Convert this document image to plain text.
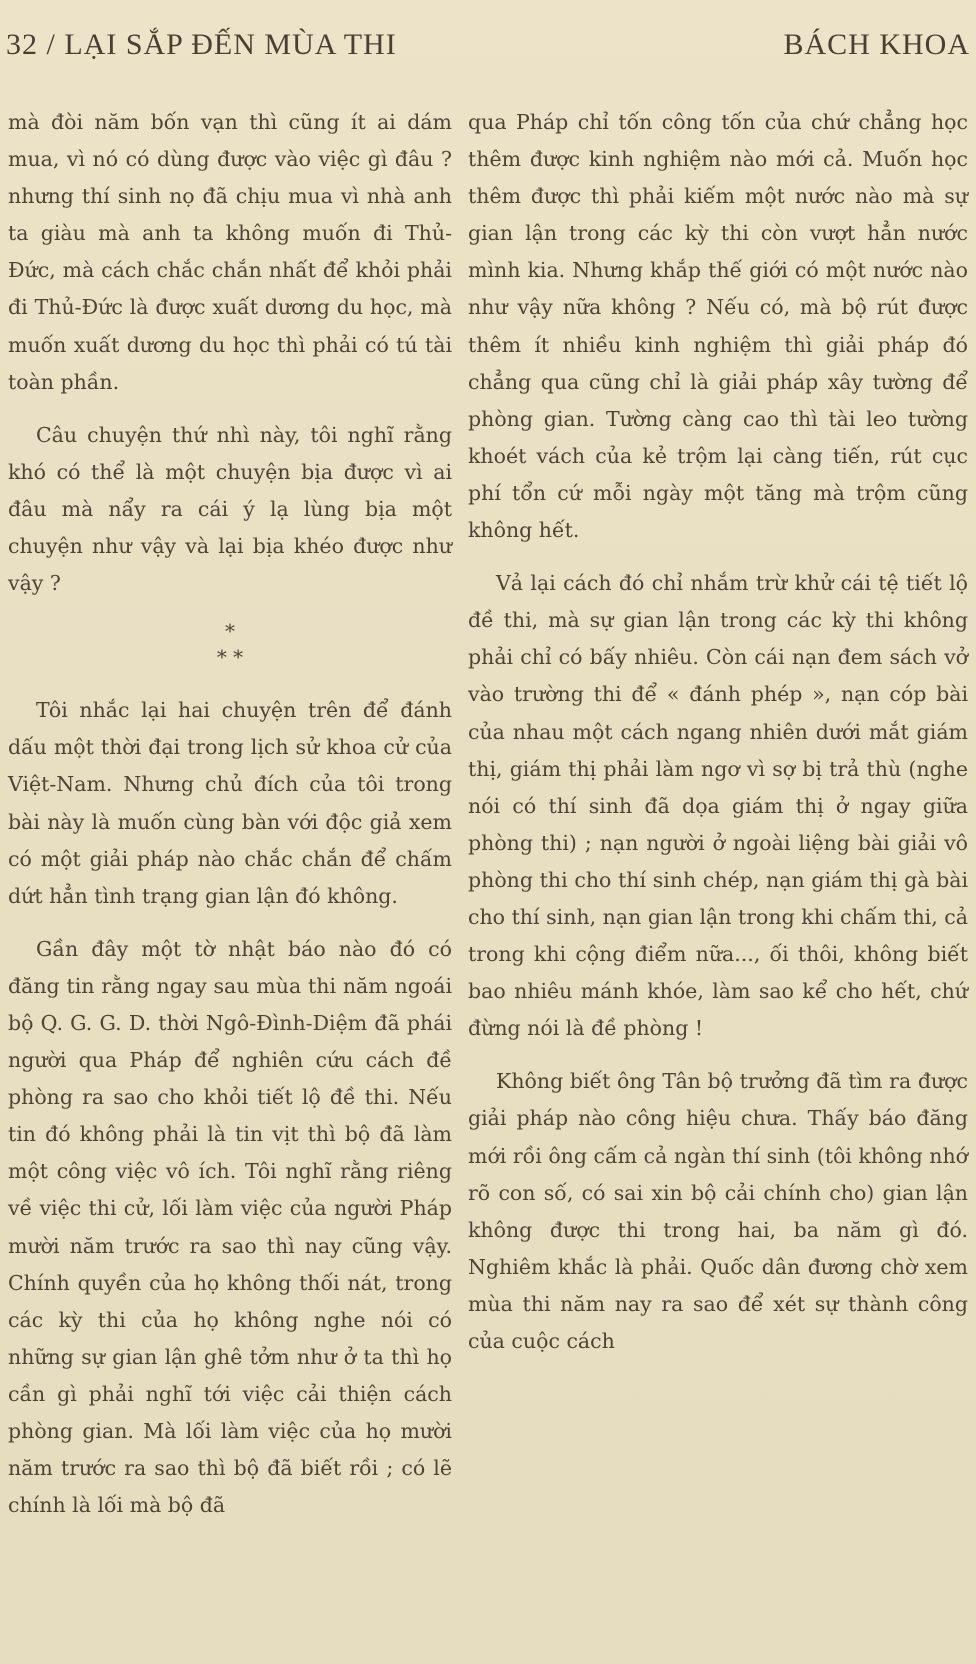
32 / LẠI SẮP ĐẾN MÙA THI	BÁCH KHOA

mà đòi năm bốn vạn thì cũng ít ai dám mua, vì nó có dùng được vào việc gì đâu ? nhưng thí sinh nọ đã chịu mua vì nhà anh ta giàu mà anh ta không muốn đi Thủ-Đức, mà cách chắc chắn nhất để khỏi phải đi Thủ-Đức là được xuất dương du học, mà muốn xuất dương du học thì phải có tú tài toàn phần.

Câu chuyện thứ nhì này, tôi nghĩ rằng khó có thể là một chuyện bịa được vì ai đâu mà nẩy ra cái ý lạ lùng bịa một chuyện như vậy và lại bịa khéo được như vậy ?

*
* *

Tôi nhắc lại hai chuyện trên để đánh dấu một thời đại trong lịch sử khoa cử của Việt-Nam. Nhưng chủ đích của tôi trong bài này là muốn cùng bàn với độc giả xem có một giải pháp nào chắc chắn để chấm dứt hẳn tình trạng gian lận đó không.

Gần đây một tờ nhật báo nào đó có đăng tin rằng ngay sau mùa thi năm ngoái bộ Q. G. G. D. thời Ngô-Đình-Diệm đã phái người qua Pháp để nghiên cứu cách đề phòng ra sao cho khỏi tiết lộ đề thi. Nếu tin đó không phải là tin vịt thì bộ đã làm một công việc vô ích. Tôi nghĩ rằng riêng về việc thi cử, lối làm việc của người Pháp mười năm trước ra sao thì nay cũng vậy. Chính quyền của họ không thối nát, trong các kỳ thi của họ không nghe nói có những sự gian lận ghê tởm như ở ta thì họ cần gì phải nghĩ tới việc cải thiện cách phòng gian. Mà lối làm việc của họ mười năm trước ra sao thì bộ đã biết rồi ; có lẽ chính là lối mà bộ đã

qua Pháp chỉ tốn công tốn của chứ chẳng học thêm được kinh nghiệm nào mới cả. Muốn học thêm được thì phải kiếm một nước nào mà sự gian lận trong các kỳ thi còn vượt hẳn nước mình kia. Nhưng khắp thế giới có một nước nào như vậy nữa không ? Nếu có, mà bộ rút được thêm ít nhiều kinh nghiệm thì giải pháp đó chẳng qua cũng chỉ là giải pháp xây tường để phòng gian. Tường càng cao thì tài leo tường khoét vách của kẻ trộm lại càng tiến, rút cục phí tổn cứ mỗi ngày một tăng mà trộm cũng không hết.

Vả lại cách đó chỉ nhắm trừ khử cái tệ tiết lộ đề thi, mà sự gian lận trong các kỳ thi không phải chỉ có bấy nhiêu. Còn cái nạn đem sách vở vào trường thi để « đánh phép », nạn cóp bài của nhau một cách ngang nhiên dưới mắt giám thị, giám thị phải làm ngơ vì sợ bị trả thù (nghe nói có thí sinh đã dọa giám thị ở ngay giữa phòng thi) ; nạn người ở ngoài liệng bài giải vô phòng thi cho thí sinh chép, nạn giám thị gà bài cho thí sinh, nạn gian lận trong khi chấm thi, cả trong khi cộng điểm nữa..., ối thôi, không biết bao nhiêu mánh khóe, làm sao kể cho hết, chứ đừng nói là đề phòng !

Không biết ông Tân bộ trưởng đã tìm ra được giải pháp nào công hiệu chưa. Thấy báo đăng mới rồi ông cấm cả ngàn thí sinh (tôi không nhớ rõ con số, có sai xin bộ cải chính cho) gian lận không được thi trong hai, ba năm gì đó. Nghiêm khắc là phải. Quốc dân đương chờ xem mùa thi năm nay ra sao để xét sự thành công của cuộc cách
